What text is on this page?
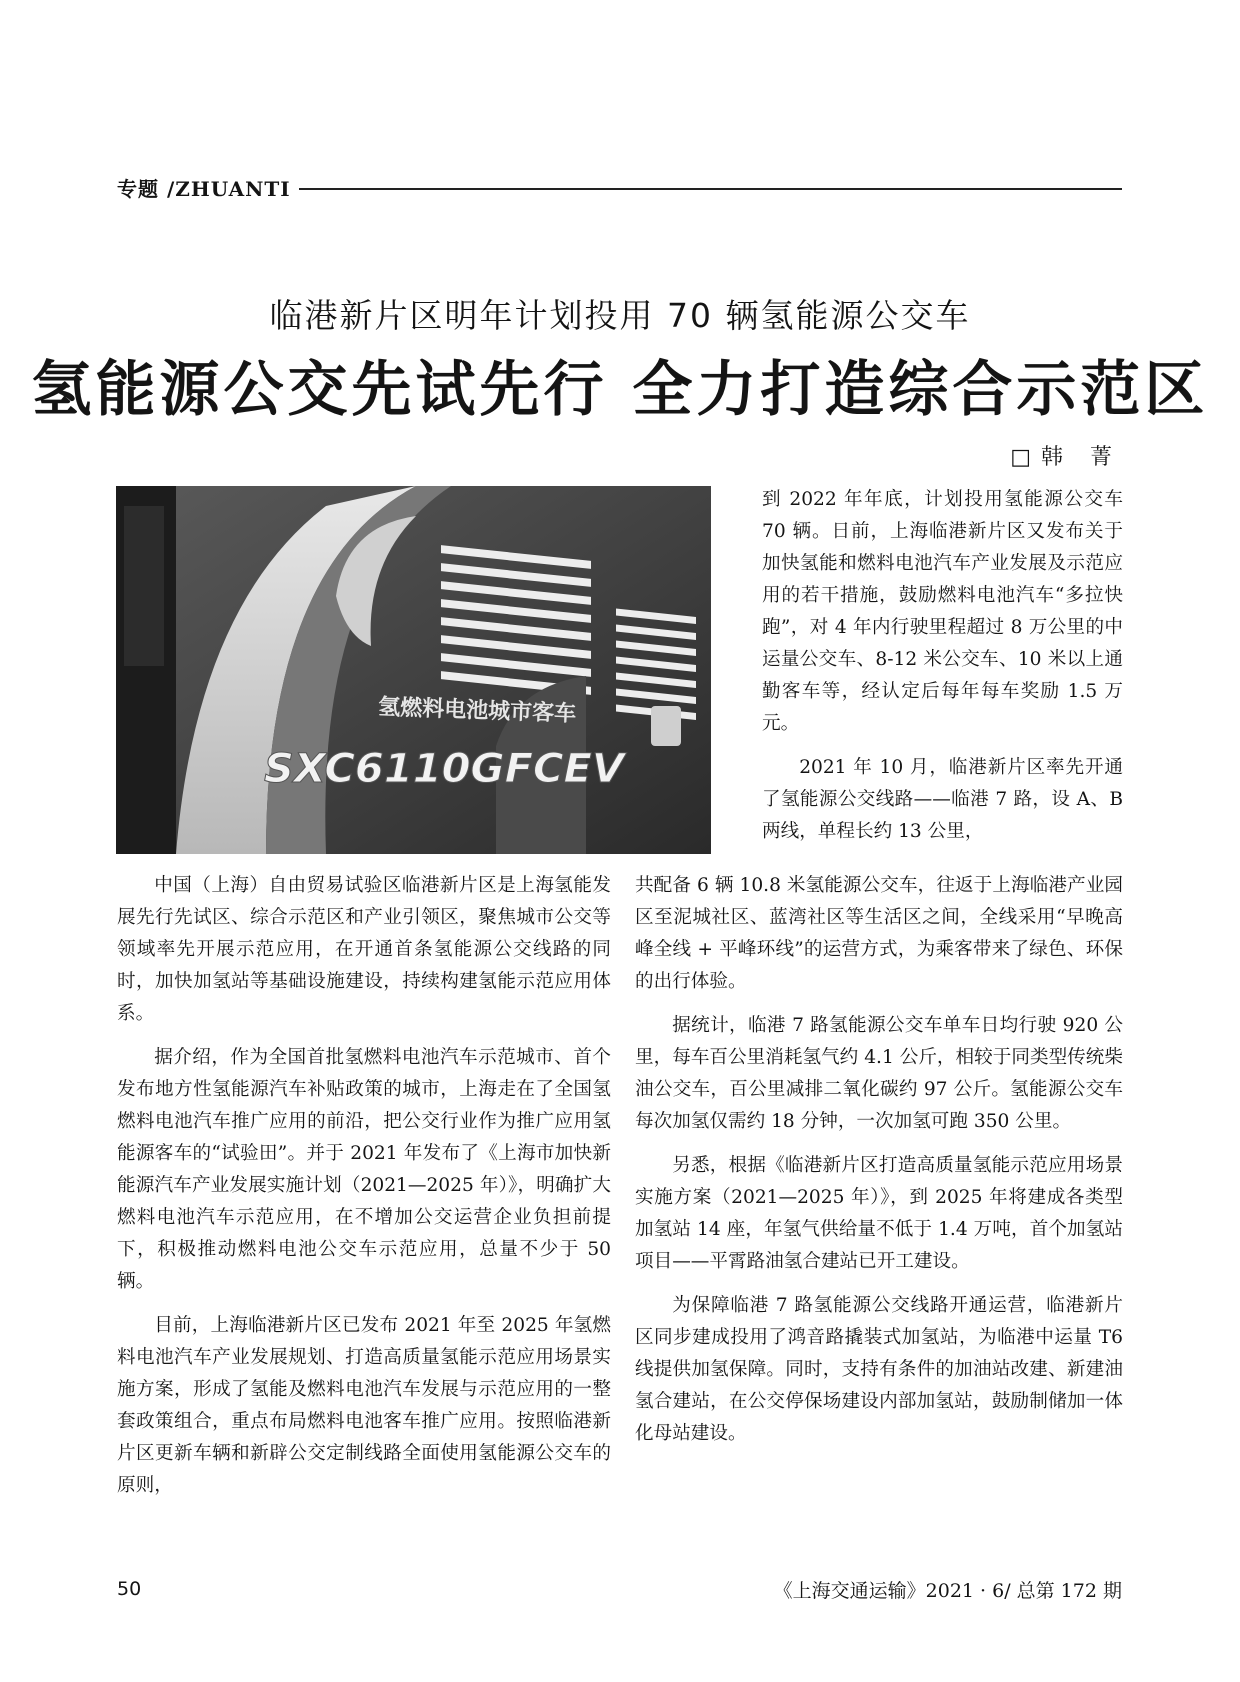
专题 /ZHUANTI
临港新片区明年计划投用 70 辆氢能源公交车
氢能源公交先试先行 全力打造综合示范区
□韩 菁
氢燃料电池城市客车
SXC6110GFCEV

到 2022 年年底，计划投用氢能源公交车 70 辆。日前，上海临港新片区又发布关于加快氢能和燃料电池汽车产业发展及示范应用的若干措施，鼓励燃料电池汽车“多拉快跑”，对 4 年内行驶里程超过 8 万公里的中运量公交车、8-12 米公交车、10 米以上通勤客车等，经认定后每年每车奖励 1.5 万元。

2021 年 10 月，临港新片区率先开通了氢能源公交线路——临港 7 路，设 A、B 两线，单程长约 13 公里，

中国（上海）自由贸易试验区临港新片区是上海氢能发展先行先试区、综合示范区和产业引领区，聚焦城市公交等领域率先开展示范应用，在开通首条氢能源公交线路的同时，加快加氢站等基础设施建设，持续构建氢能示范应用体系。

据介绍，作为全国首批氢燃料电池汽车示范城市、首个发布地方性氢能源汽车补贴政策的城市，上海走在了全国氢燃料电池汽车推广应用的前沿，把公交行业作为推广应用氢能源客车的“试验田”。并于 2021 年发布了《上海市加快新能源汽车产业发展实施计划（2021—2025 年）》，明确扩大燃料电池汽车示范应用，在不增加公交运营企业负担前提下，积极推动燃料电池公交车示范应用，总量不少于 50 辆。

目前，上海临港新片区已发布 2021 年至 2025 年氢燃料电池汽车产业发展规划、打造高质量氢能示范应用场景实施方案，形成了氢能及燃料电池汽车发展与示范应用的一整套政策组合，重点布局燃料电池客车推广应用。按照临港新片区更新车辆和新辟公交定制线路全面使用氢能源公交车的原则，

共配备 6 辆 10.8 米氢能源公交车，往返于上海临港产业园区至泥城社区、蓝湾社区等生活区之间，全线采用“早晚高峰全线 + 平峰环线”的运营方式，为乘客带来了绿色、环保的出行体验。

据统计，临港 7 路氢能源公交车单车日均行驶 920 公里，每车百公里消耗氢气约 4.1 公斤，相较于同类型传统柴油公交车，百公里减排二氧化碳约 97 公斤。氢能源公交车每次加氢仅需约 18 分钟，一次加氢可跑 350 公里。

另悉，根据《临港新片区打造高质量氢能示范应用场景实施方案（2021—2025 年）》，到 2025 年将建成各类型加氢站 14 座，年氢气供给量不低于 1.4 万吨，首个加氢站项目——平霄路油氢合建站已开工建设。

为保障临港 7 路氢能源公交线路开通运营，临港新片区同步建成投用了鸿音路撬装式加氢站，为临港中运量 T6 线提供加氢保障。同时，支持有条件的加油站改建、新建油氢合建站，在公交停保场建设内部加氢站，鼓励制储加一体化母站建设。

50	《上海交通运输》2021 · 6/ 总第 172 期
